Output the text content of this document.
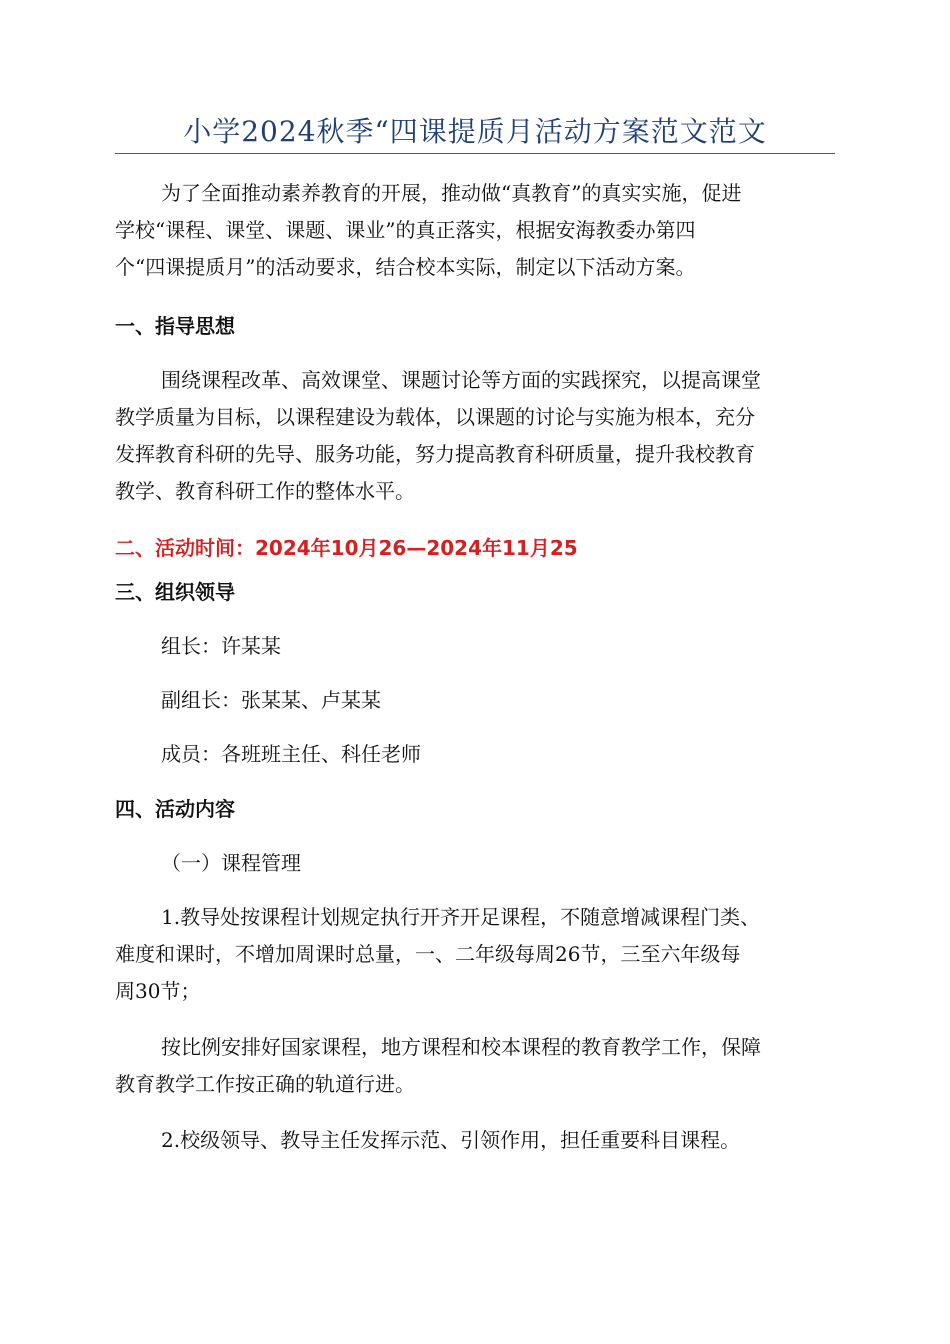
小学2024秋季“四课提质月活动方案范文范文
为了全面推动素养教育的开展，推动做“真教育”的真实实施，促进
学校“课程、课堂、课题、课业”的真正落实，根据安海教委办第四
个“四课提质月”的活动要求，结合校本实际，制定以下活动方案。
一、指导思想
围绕课程改革、高效课堂、课题讨论等方面的实践探究，以提高课堂
教学质量为目标，以课程建设为载体，以课题的讨论与实施为根本，充分
发挥教育科研的先导、服务功能，努力提高教育科研质量，提升我校教育
教学、教育科研工作的整体水平。
二、活动时间：2024年10月26—2024年11月25
三、组织领导
组长：许某某
副组长：张某某、卢某某
成员：各班班主任、科任老师
四、活动内容
（一）课程管理
1.教导处按课程计划规定执行开齐开足课程，不随意增减课程门类、
难度和课时，不增加周课时总量，一、二年级每周26节，三至六年级每
周30节；
按比例安排好国家课程，地方课程和校本课程的教育教学工作，保障
教育教学工作按正确的轨道行进。
2.校级领导、教导主任发挥示范、引领作用，担任重要科目课程。
